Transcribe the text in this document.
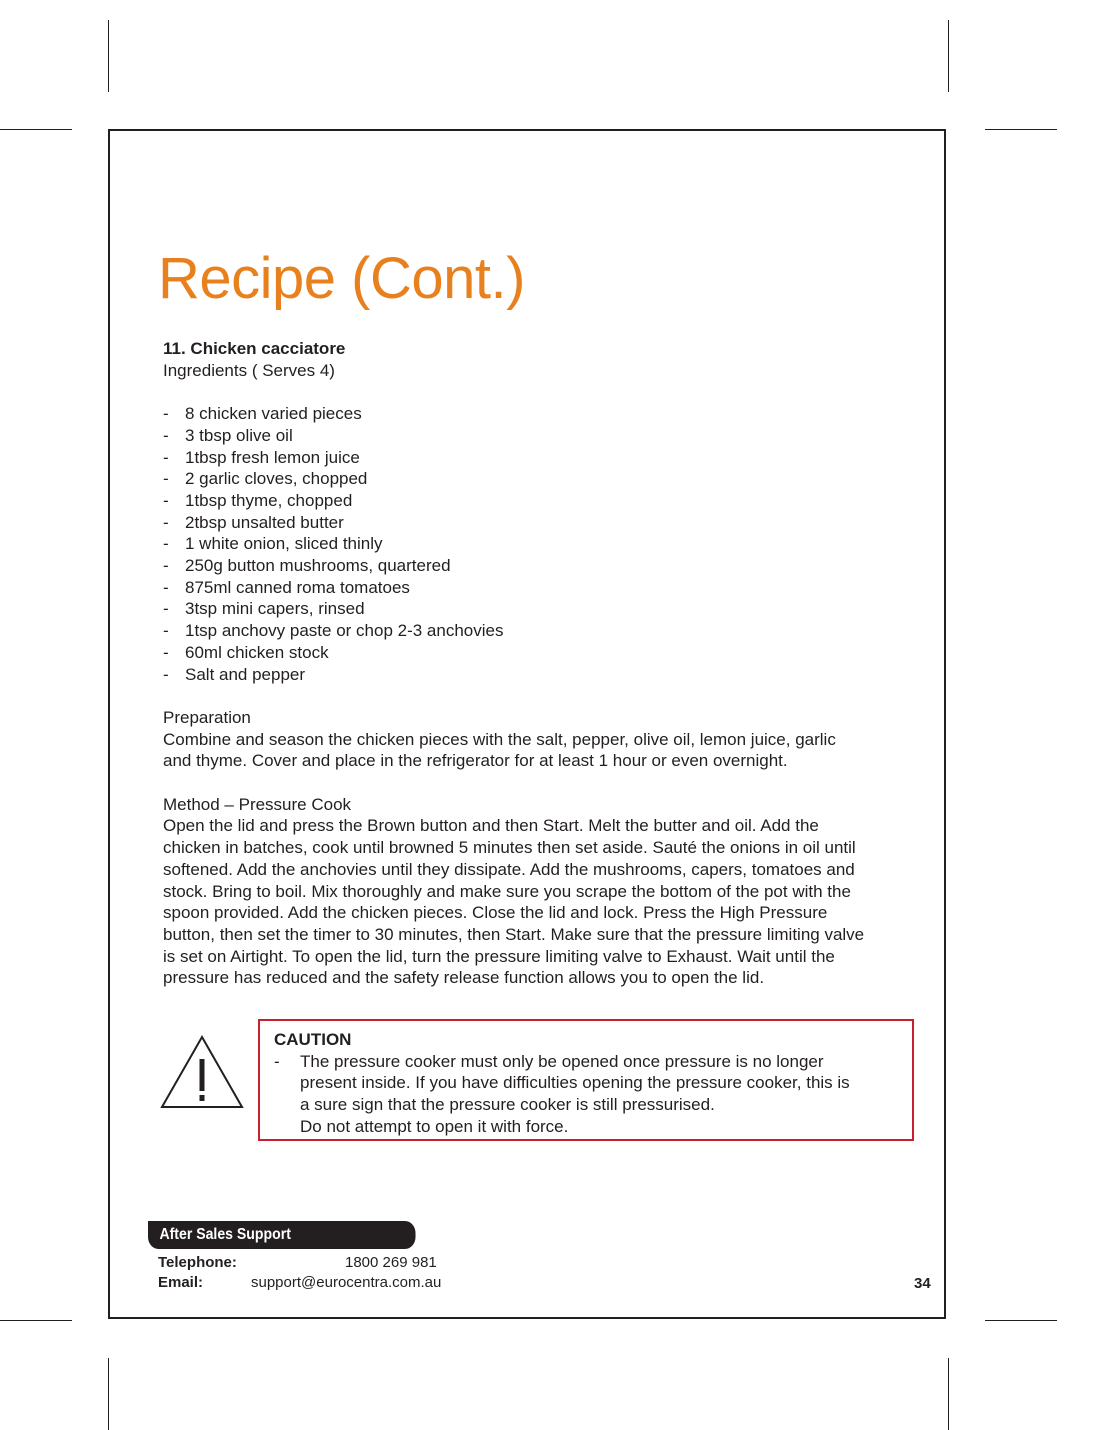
Recipe (Cont.)

11. Chicken cacciatore

Ingredients ( Serves 4)

- 8 chicken varied pieces
- 3 tbsp olive oil
- 1tbsp fresh lemon juice
- 2 garlic cloves, chopped
- 1tbsp thyme, chopped
- 2tbsp unsalted butter
- 1 white onion, sliced thinly
- 250g button mushrooms, quartered
- 875ml canned roma tomatoes
- 3tsp mini capers, rinsed
- 1tsp anchovy paste or chop 2-3 anchovies
- 60ml chicken stock
- Salt and pepper

Preparation

Combine and season the chicken pieces with the salt, pepper, olive oil, lemon juice, garlic

and thyme. Cover and place in the refrigerator for at least 1 hour or even overnight.

Method – Pressure Cook

Open the lid and press the Brown button and then Start. Melt the butter and oil. Add the

chicken in batches, cook until browned 5 minutes then set aside. Sauté the onions in oil until

softened. Add the anchovies until they dissipate. Add the mushrooms, capers, tomatoes and

stock. Bring to boil. Mix thoroughly and make sure you scrape the bottom of the pot with the

spoon provided. Add the chicken pieces. Close the lid and lock. Press the High Pressure

button, then set the timer to 30 minutes, then Start. Make sure that the pressure limiting valve

is set on Airtight. To open the lid, turn the pressure limiting valve to Exhaust. Wait until the

pressure has reduced and the safety release function allows you to open the lid.

CAUTION

- The pressure cooker must only be opened once pressure is no longer

present inside. If you have difficulties opening the pressure cooker, this is

a sure sign that the pressure cooker is still pressurised.

Do not attempt to open it with force.

After Sales Support
Telephone:	1800 269 981
Email:	support@eurocentra.com.au	34
